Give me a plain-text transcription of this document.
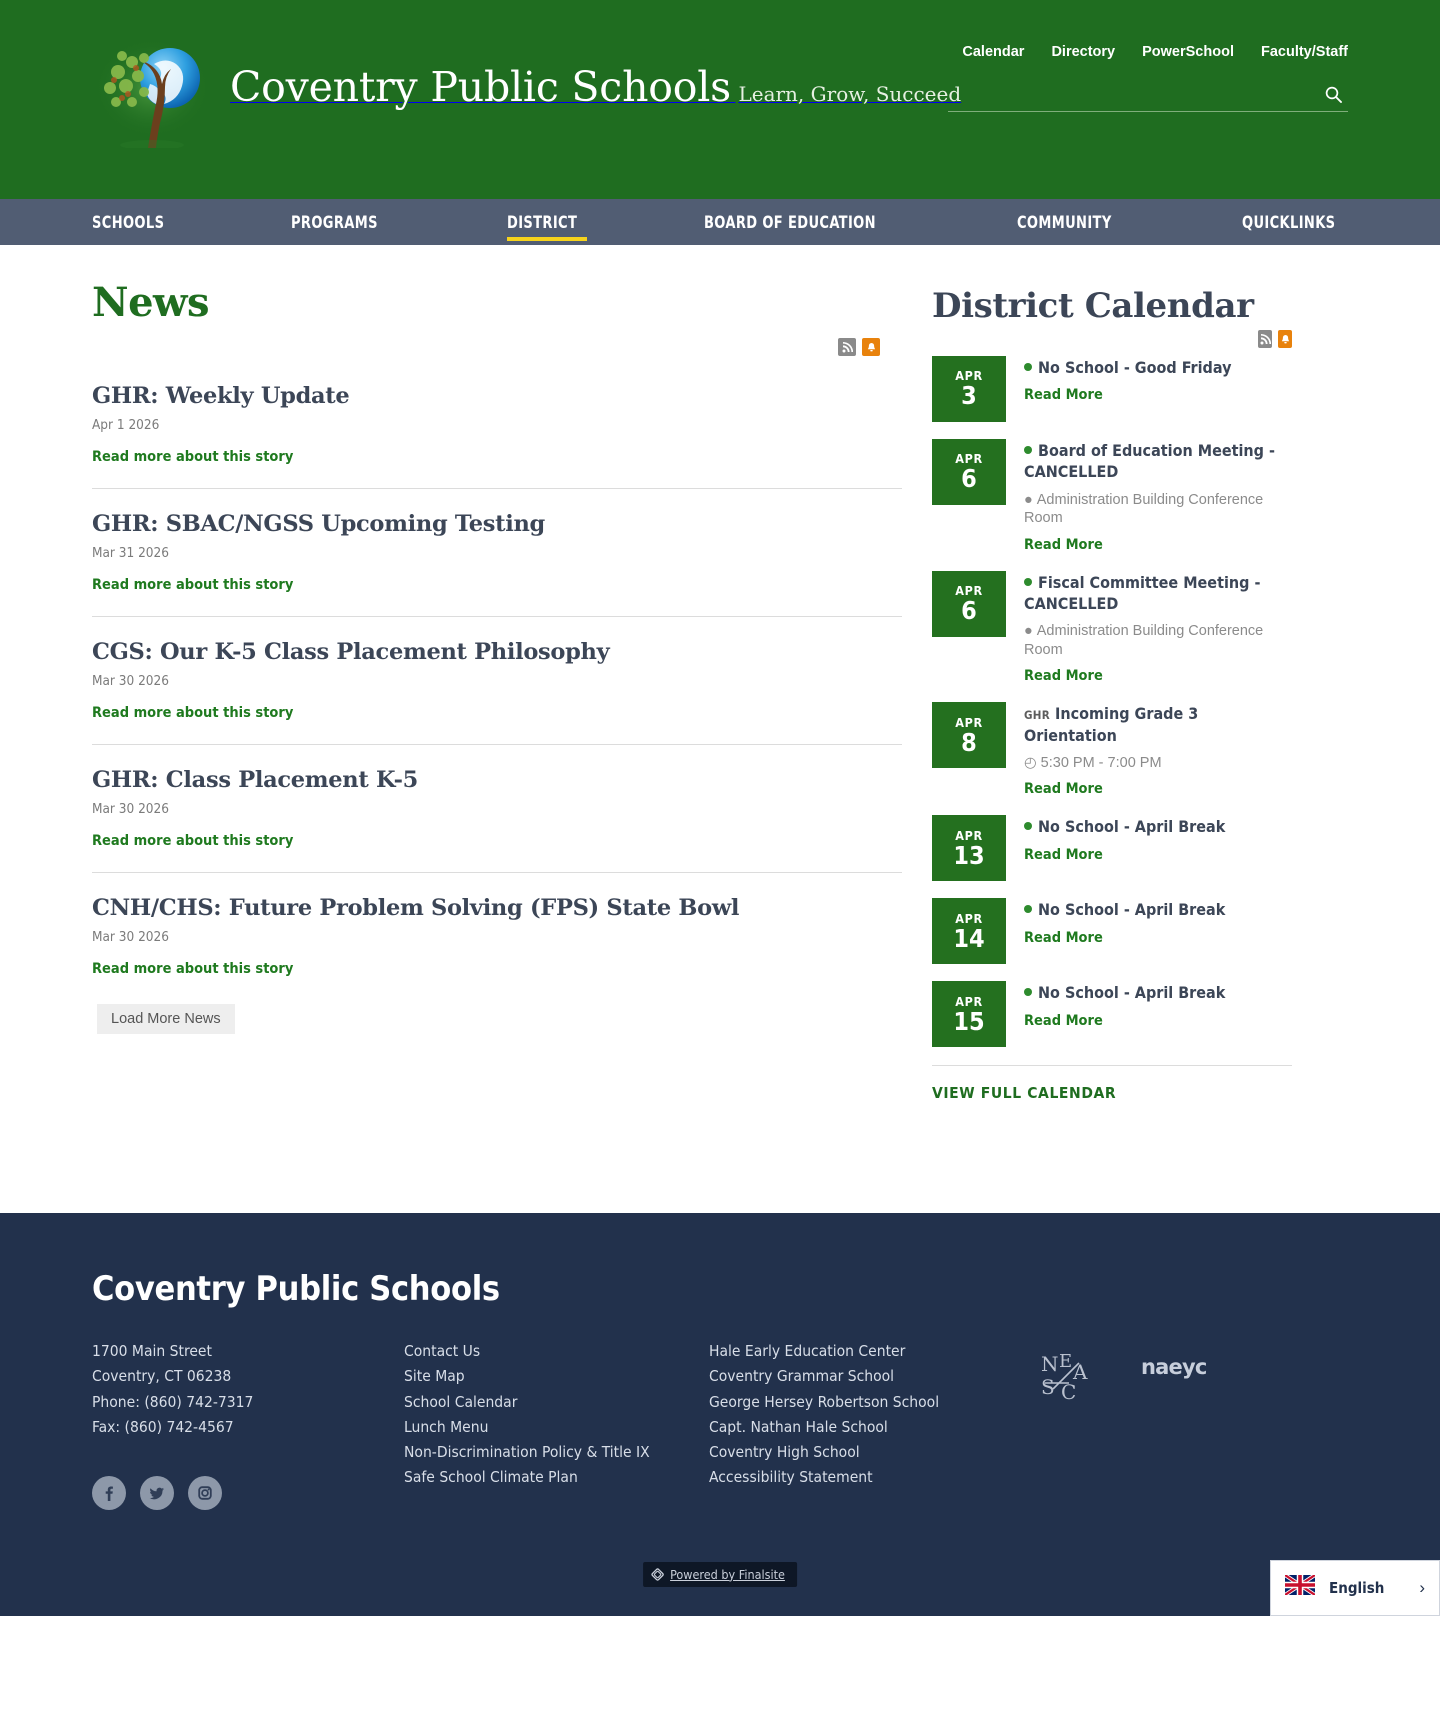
Coventry Public Schools Learn, Grow, Succeed
Calendar Directory PowerSchool Faculty/Staff
SCHOOLS	PROGRAMS	DISTRICT	BOARD OF EDUCATION	COMMUNITY	QUICKLINKS
News
GHR: Weekly Update
Apr 1 2026
Read more about this story
GHR: SBAC/NGSS Upcoming Testing
Mar 31 2026
Read more about this story
CGS: Our K-5 Class Placement Philosophy
Mar 30 2026
Read more about this story
GHR: Class Placement K-5
Mar 30 2026
Read more about this story
CNH/CHS: Future Problem Solving (FPS) State Bowl
Mar 30 2026
Read more about this story
Load More News
District Calendar
APR
3
No School - Good Friday
Read More
APR
6
Board of Education Meeting - CANCELLED
●﻿Administration Building Conference Room
Read More
APR
6
Fiscal Committee Meeting - CANCELLED
●﻿Administration Building Conference Room
Read More
APR
8
GHR Incoming Grade 3 Orientation
◴ 5:30 PM - 7:00 PM
Read More
APR
13
No School - April Break
Read More
APR
14
No School - April Break
Read More
APR
15
No School - April Break
Read More
VIEW FULL CALENDAR
Coventry Public Schools
1700 Main Street
Coventry, CT 06238
Phone: (860) 742-7317
Fax: (860) 742-4567
Contact Us
Site Map
School Calendar
Lunch Menu
Non-Discrimination Policy & Title IX
Safe School Climate Plan
Hale Early Education Center
Coventry Grammar School
George Hersey Robertson School
Capt. Nathan Hale School
Coventry High School
Accessibility Statement
N E
S
A
C
naeyc
Powered by Finalsite
English	›
